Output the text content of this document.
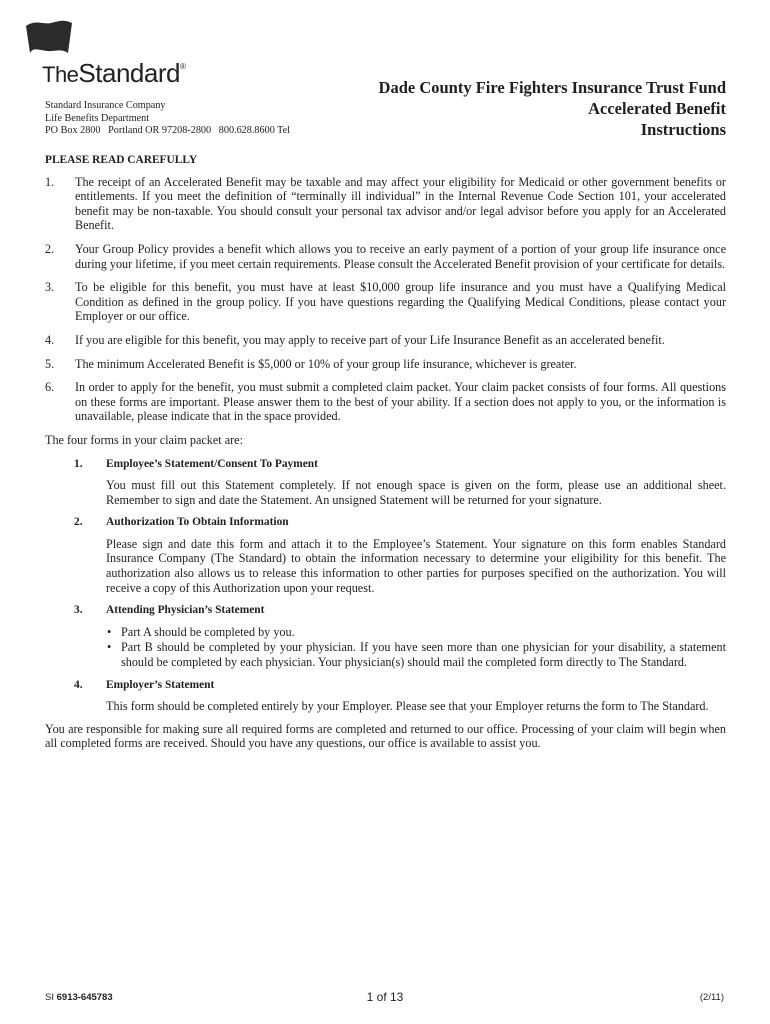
TheStandard®
Standard Insurance Company
Life Benefits Department
PO Box 2800   Portland OR 97208-2800   800.628.8600 Tel
Dade County Fire Fighters Insurance Trust Fund
Accelerated Benefit
Instructions
PLEASE READ CAREFULLY
1. The receipt of an Accelerated Benefit may be taxable and may affect your eligibility for Medicaid or other government benefits or entitlements. If you meet the definition of “terminally ill individual” in the Internal Revenue Code Section 101, your accelerated benefit may be non-taxable. You should consult your personal tax advisor and/or legal advisor before you apply for an Accelerated Benefit.
2. Your Group Policy provides a benefit which allows you to receive an early payment of a portion of your group life insurance once during your lifetime, if you meet certain requirements. Please consult the Accelerated Benefit provision of your certificate for details.
3. To be eligible for this benefit, you must have at least $10,000 group life insurance and you must have a Qualifying Medical Condition as defined in the group policy. If you have questions regarding the Qualifying Medical Conditions, please contact your Employer or our office.
4. If you are eligible for this benefit, you may apply to receive part of your Life Insurance Benefit as an accelerated benefit.
5. The minimum Accelerated Benefit is $5,000 or 10% of your group life insurance, whichever is greater.
6. In order to apply for the benefit, you must submit a completed claim packet. Your claim packet consists of four forms. All questions on these forms are important. Please answer them to the best of your ability. If a section does not apply to you, or the information is unavailable, please indicate that in the space provided.
The four forms in your claim packet are:
1. Employee’s Statement/Consent To Payment
You must fill out this Statement completely. If not enough space is given on the form, please use an additional sheet. Remember to sign and date the Statement. An unsigned Statement will be returned for your signature.
2. Authorization To Obtain Information
Please sign and date this form and attach it to the Employee’s Statement. Your signature on this form enables Standard Insurance Company (The Standard) to obtain the information necessary to determine your eligibility for this benefit. The authorization also allows us to release this information to other parties for purposes specified on the authorization. You will receive a copy of this Authorization upon your request.
3. Attending Physician’s Statement
• Part A should be completed by you.
• Part B should be completed by your physician. If you have seen more than one physician for your disability, a statement should be completed by each physician. Your physician(s) should mail the completed form directly to The Standard.
4. Employer’s Statement
This form should be completed entirely by your Employer. Please see that your Employer returns the form to The Standard.
You are responsible for making sure all required forms are completed and returned to our office. Processing of your claim will begin when all completed forms are received. Should you have any questions, our office is available to assist you.
SI 6913-645783	1 of 13	(2/11)
